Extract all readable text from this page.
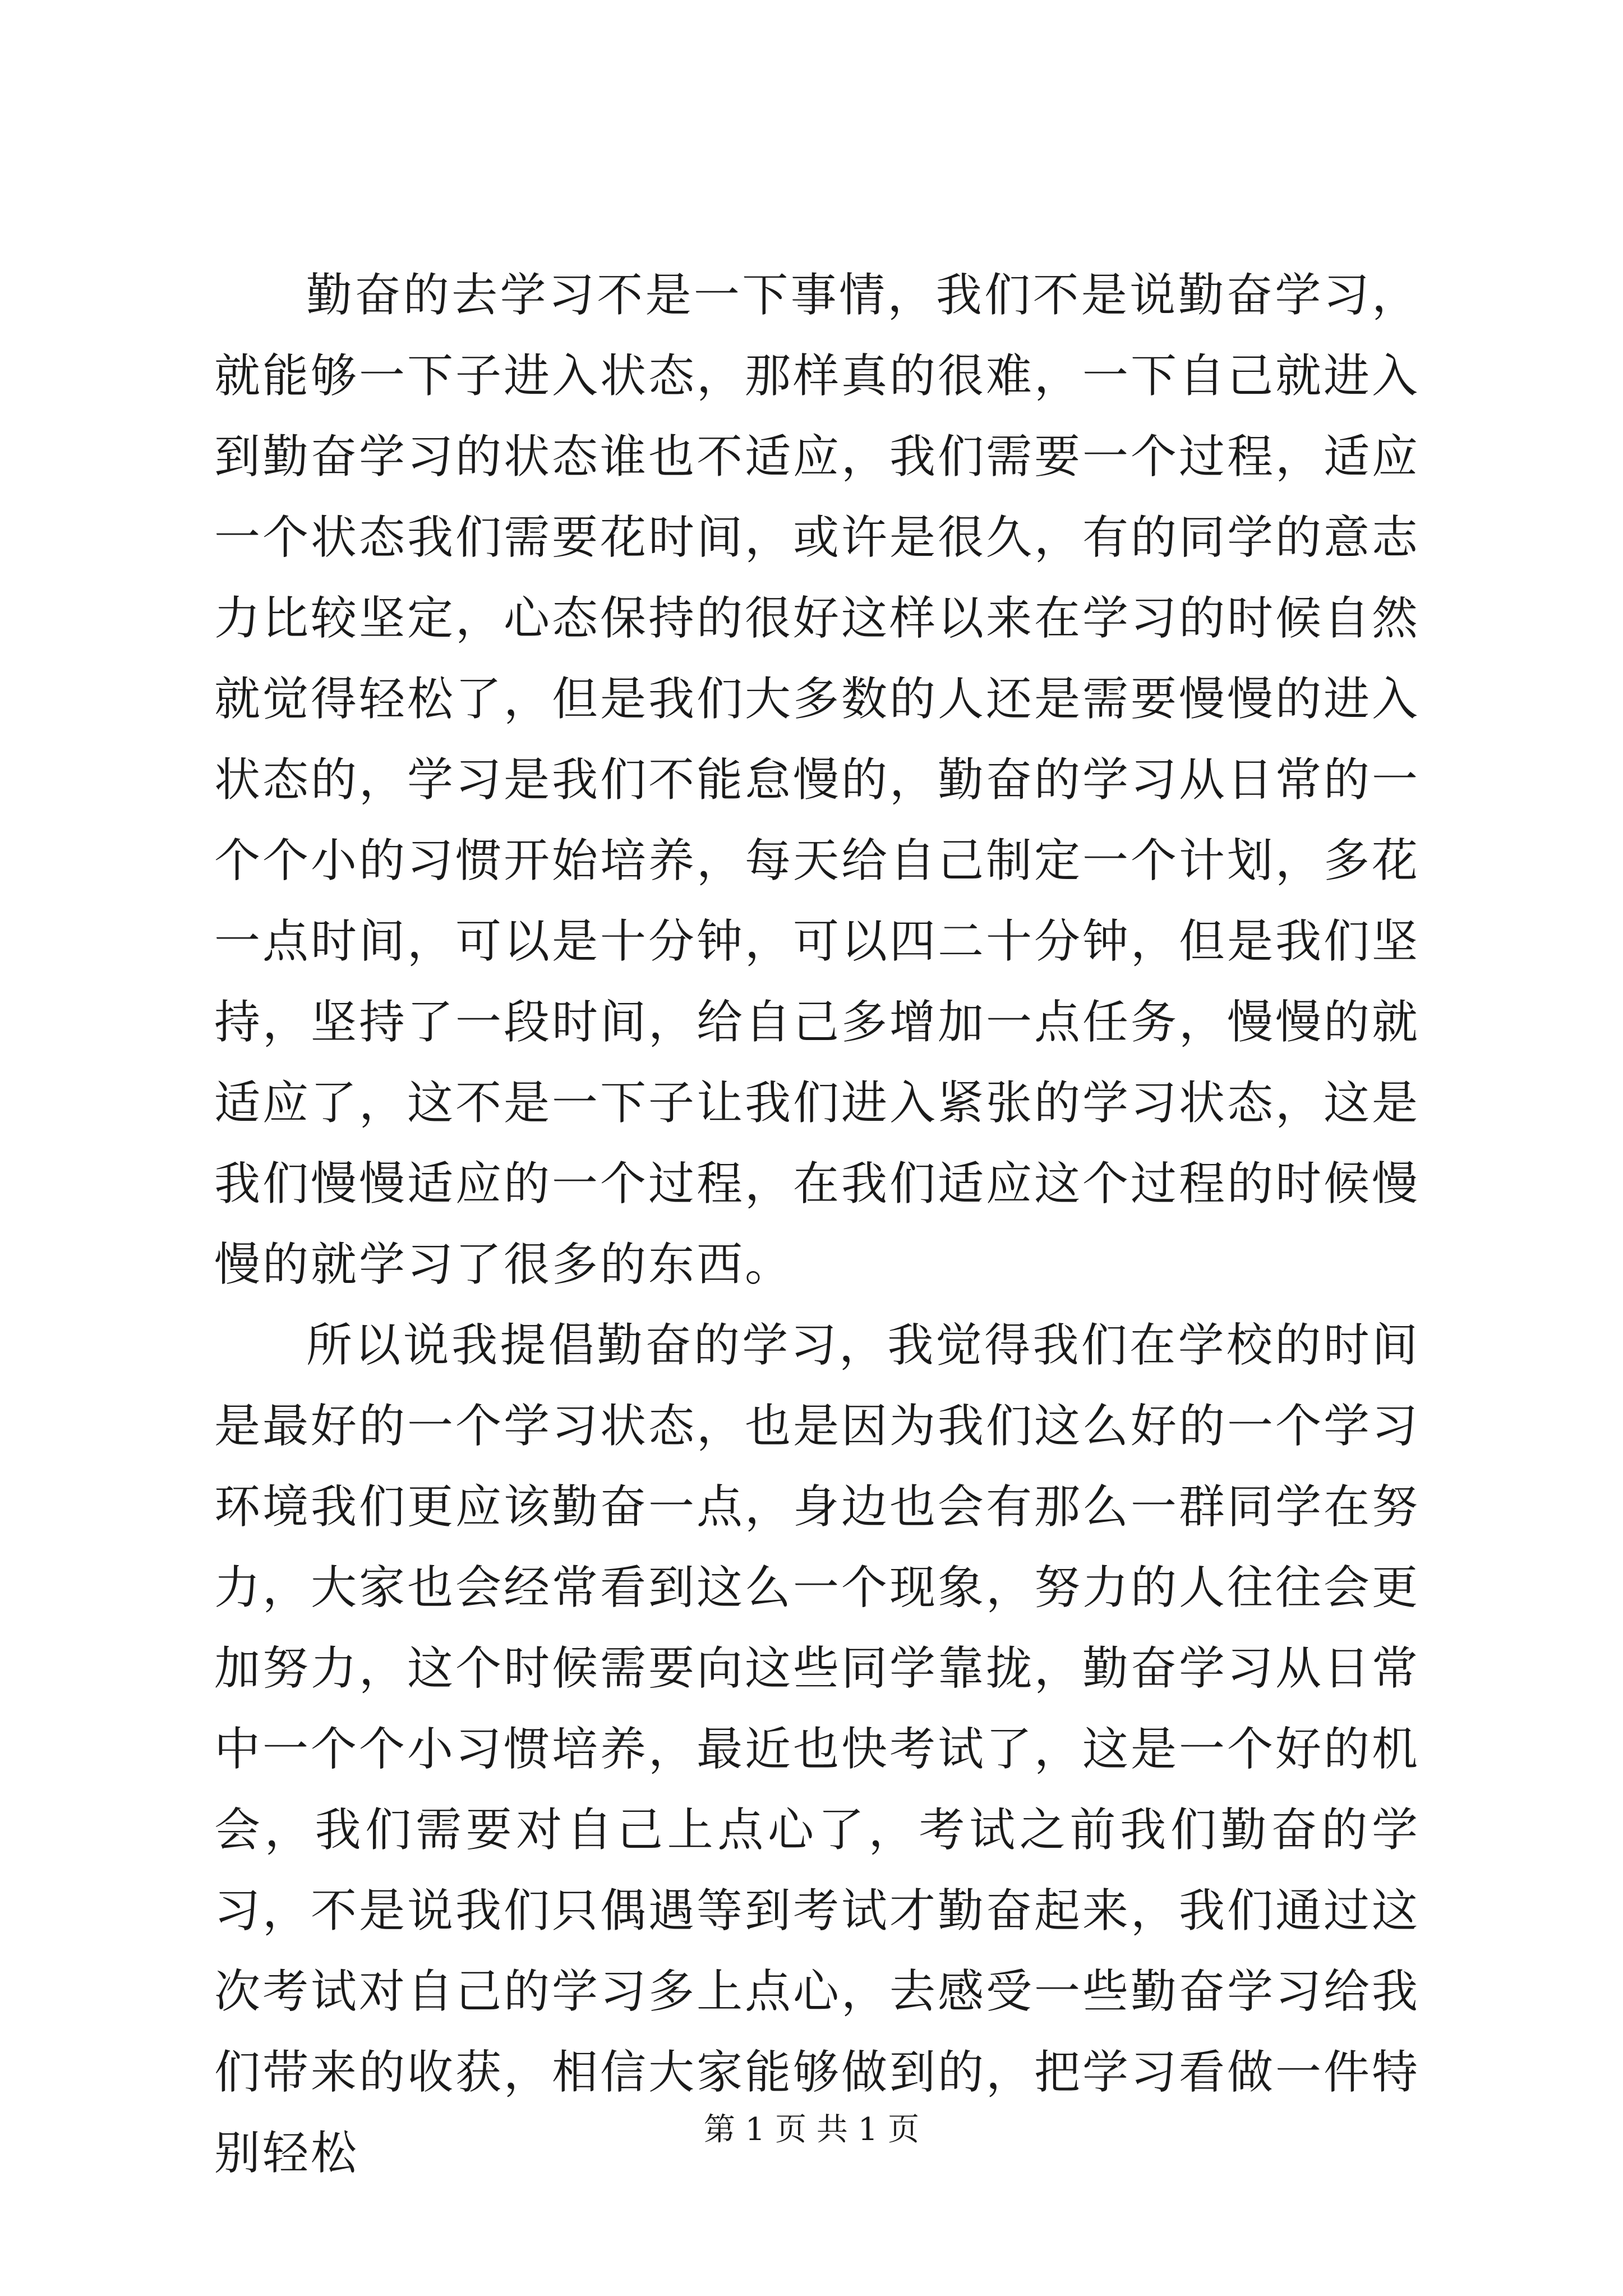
勤奋的去学习不是一下事情，我们不是说勤奋学习，就能够一下子进入状态，那样真的很难，一下自己就进入到勤奋学习的状态谁也不适应，我们需要一个过程，适应一个状态我们需要花时间，或许是很久，有的同学的意志力比较坚定，心态保持的很好这样以来在学习的时候自然就觉得轻松了，但是我们大多数的人还是需要慢慢的进入状态的，学习是我们不能怠慢的，勤奋的学习从日常的一个个小的习惯开始培养，每天给自己制定一个计划，多花一点时间，可以是十分钟，可以四二十分钟，但是我们坚持，坚持了一段时间，给自己多增加一点任务，慢慢的就适应了，这不是一下子让我们进入紧张的学习状态，这是我们慢慢适应的一个过程，在我们适应这个过程的时候慢慢的就学习了很多的东西。

所以说我提倡勤奋的学习，我觉得我们在学校的时间是最好的一个学习状态，也是因为我们这么好的一个学习环境我们更应该勤奋一点，身边也会有那么一群同学在努力，大家也会经常看到这么一个现象，努力的人往往会更加努力，这个时候需要向这些同学靠拢，勤奋学习从日常中一个个小习惯培养，最近也快考试了，这是一个好的机会，我们需要对自己上点心了，考试之前我们勤奋的学习，不是说我们只偶遇等到考试才勤奋起来，我们通过这次考试对自己的学习多上点心，去感受一些勤奋学习给我们带来的收获，相信大家能够做到的，把学习看做一件特别轻松	第 1 页 共 1 页
